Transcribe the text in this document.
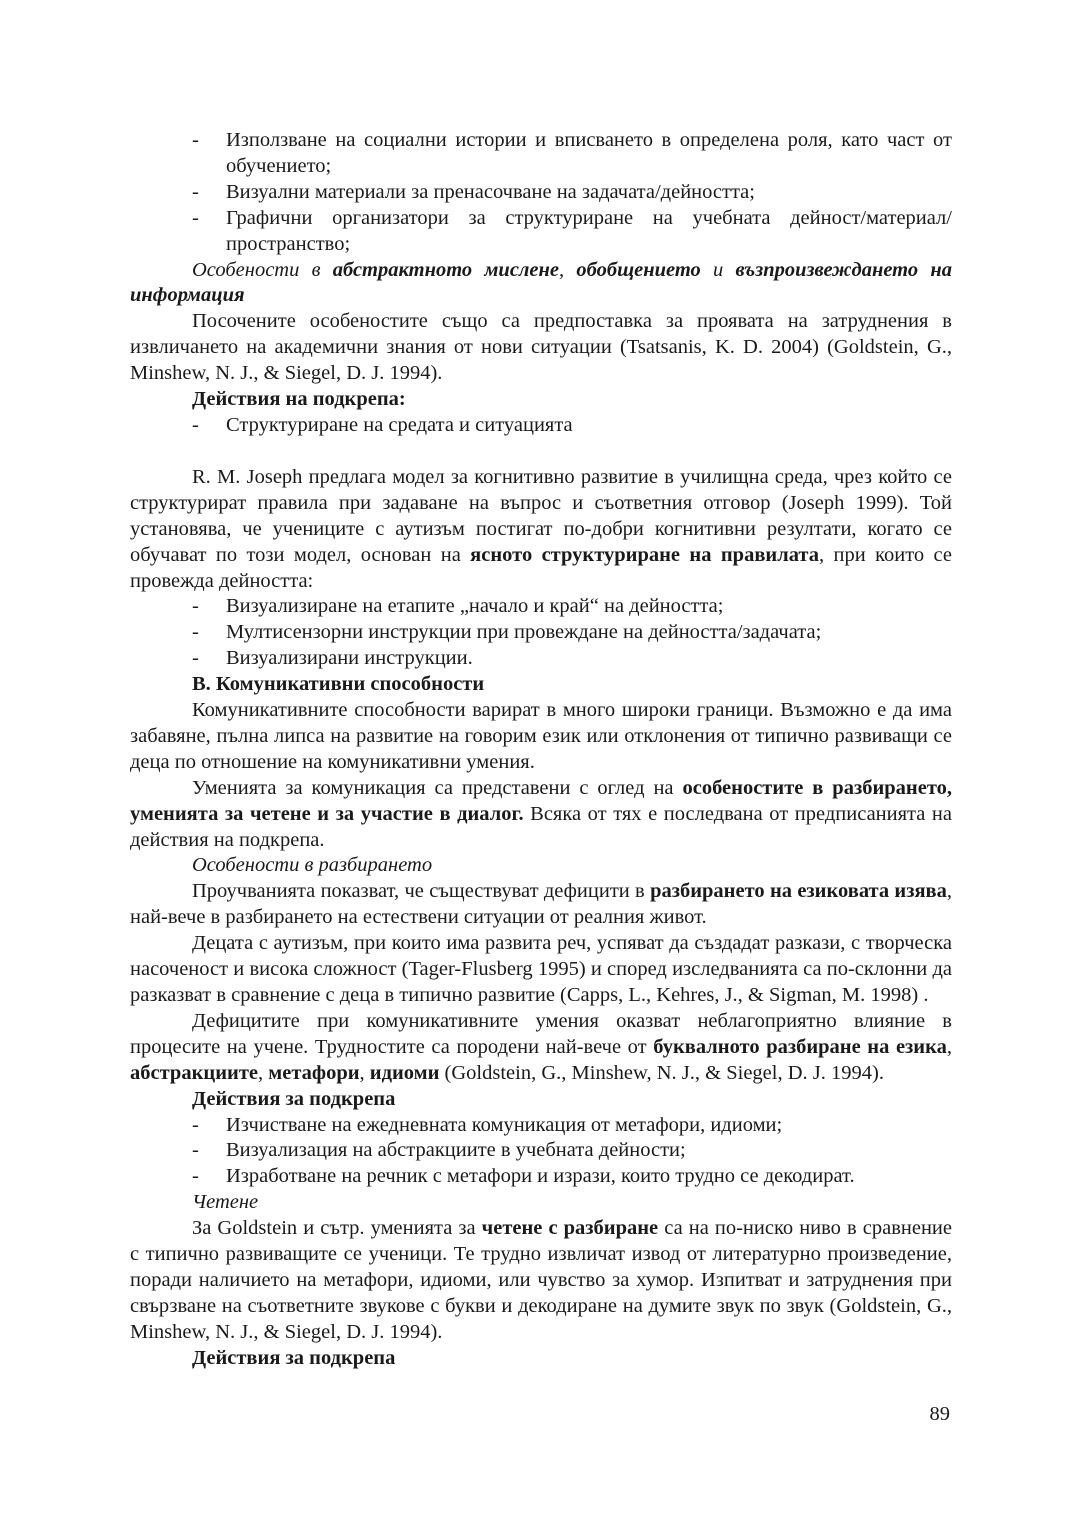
- Използване на социални истории и вписването в определена роля, като част от обучението;
- Визуални материали за пренасочване на задачата/дейността;
- Графични организатори за структуриране на учебната дейност/материал/пространство;

Особености в абстрактното мислене, обобщението и възпроизвеждането на информация

Посочените особеностите също са предпоставка за проявата на затруднения в извличането на академични знания от нови ситуации (Tsatsanis, K. D. 2004) (Goldstein, G., Minshew, N. J., & Siegel, D. J. 1994).

Действия на подкрепа:

- Структуриране на средата и ситуацията

R. M. Joseph предлага модел за когнитивно развитие в училищна среда, чрез който се структурират правила при задаване на въпрос и съответния отговор (Joseph 1999). Той установява, че учениците с аутизъм постигат по-добри когнитивни резултати, когато се обучават по този модел, основан на ясното структуриране на правилата, при които се провежда дейността:

- Визуализиране на етапите „начало и край“ на дейността;
- Мултисензорни инструкции при провеждане на дейността/задачата;
- Визуализирани инструкции.

В. Комуникативни способности

Комуникативните способности варират в много широки граници. Възможно е да има забавяне, пълна липса на развитие на говорим език или отклонения от типично развиващи се деца по отношение на комуникативни умения.

Уменията за комуникация са представени с оглед на особеностите в разбирането, уменията за четене и за участие в диалог. Всяка от тях е последвана от предписанията на действия на подкрепа.

Особености в разбирането

Проучванията показват, че съществуват дефицити в разбирането на езиковата изява, най-вече в разбирането на естествени ситуации от реалния живот.

Децата с аутизъм, при които има развита реч, успяват да създадат разкази, с творческа насоченост и висока сложност (Tager-Flusberg 1995) и според изследванията са по-склонни да разказват в сравнение с деца в типично развитие (Capps, L., Kehres, J., & Sigman, M. 1998) .

Дефицитите при комуникативните умения оказват неблагоприятно влияние в процесите на учене. Трудностите са породени най-вече от буквалното разбиране на езика, абстракциите, метафори, идиоми (Goldstein, G., Minshew, N. J., & Siegel, D. J. 1994).

Действия за подкрепа

- Изчистване на ежедневната комуникация от метафори, идиоми;
- Визуализация на абстракциите в учебната дейности;
- Изработване на речник с метафори и изрази, които трудно се декодират.

Четене

За Goldstein и сътр. уменията за четене с разбиране са на по-ниско ниво в сравнение с типично развиващите се ученици. Те трудно извличат извод от литературно произведение, поради наличието на метафори, идиоми, или чувство за хумор. Изпитват и затруднения при свързване на съответните звукове с букви и декодиране на думите звук по звук (Goldstein, G., Minshew, N. J., & Siegel, D. J. 1994).

Действия за подкрепа

89
